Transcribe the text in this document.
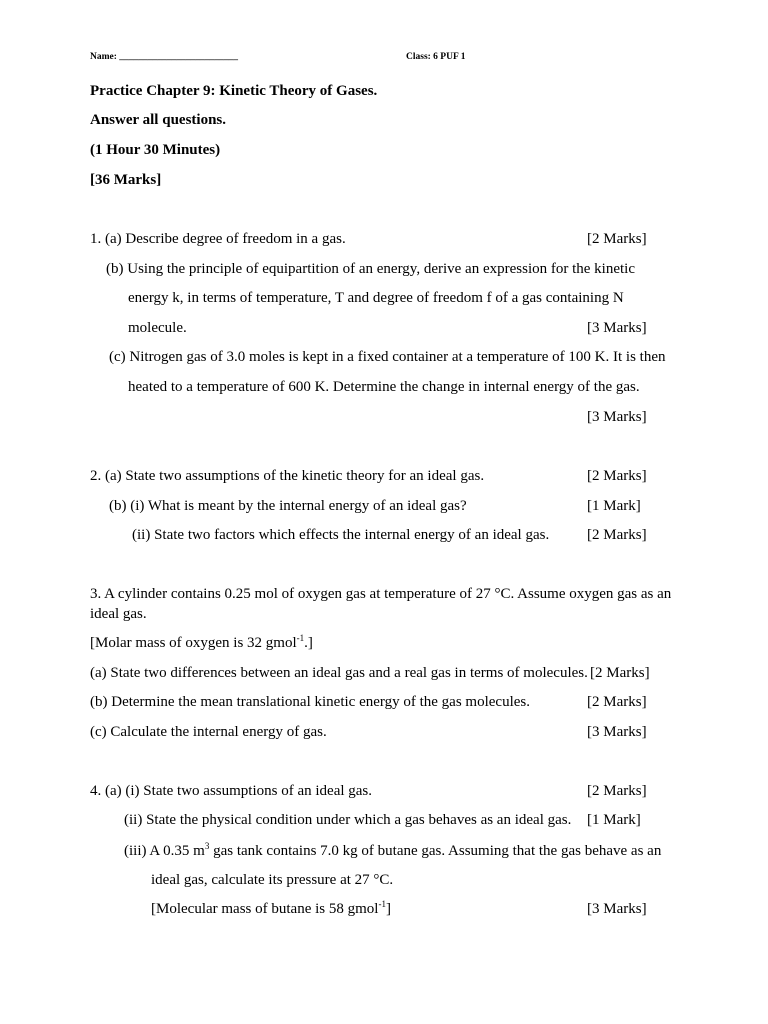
Name: _________________________	Class: 6 PUF 1
Practice Chapter 9: Kinetic Theory of Gases.
Answer all questions.
(1 Hour 30 Minutes)
[36 Marks]
1. (a) Describe degree of freedom in a gas.	[2 Marks]
(b) Using the principle of equipartition of an energy, derive an expression for the kinetic
energy k, in terms of temperature, T and degree of freedom f of a gas containing N
molecule.	[3 Marks]
(c) Nitrogen gas of 3.0 moles is kept in a fixed container at a temperature of 100 K. It is then
heated to a temperature of 600 K. Determine the change in internal energy of the gas.
[3 Marks]
2. (a) State two assumptions of the kinetic theory for an ideal gas.	[2 Marks]
(b) (i) What is meant by the internal energy of an ideal gas?	[1 Mark]
(ii) State two factors which effects the internal energy of an ideal gas.	[2 Marks]
3. A cylinder contains 0.25 mol of oxygen gas at temperature of 27 °C. Assume oxygen gas as an
ideal gas.
[Molar mass of oxygen is 32 gmol$^{-1}$.]
(a) State two differences between an ideal gas and a real gas in terms of molecules. [2 Marks]
(b) Determine the mean translational kinetic energy of the gas molecules.	[2 Marks]
(c) Calculate the internal energy of gas.	[3 Marks]
4. (a) (i) State two assumptions of an ideal gas.	[2 Marks]
(ii) State the physical condition under which a gas behaves as an ideal gas. [1 Mark]
(iii) A 0.35 $m^3$ gas tank contains 7.0 kg of butane gas. Assuming that the gas behave as an
ideal gas, calculate its pressure at 27 °C.
[Molecular mass of butane is 58 gmol$^{-1}$]	[3 Marks]
